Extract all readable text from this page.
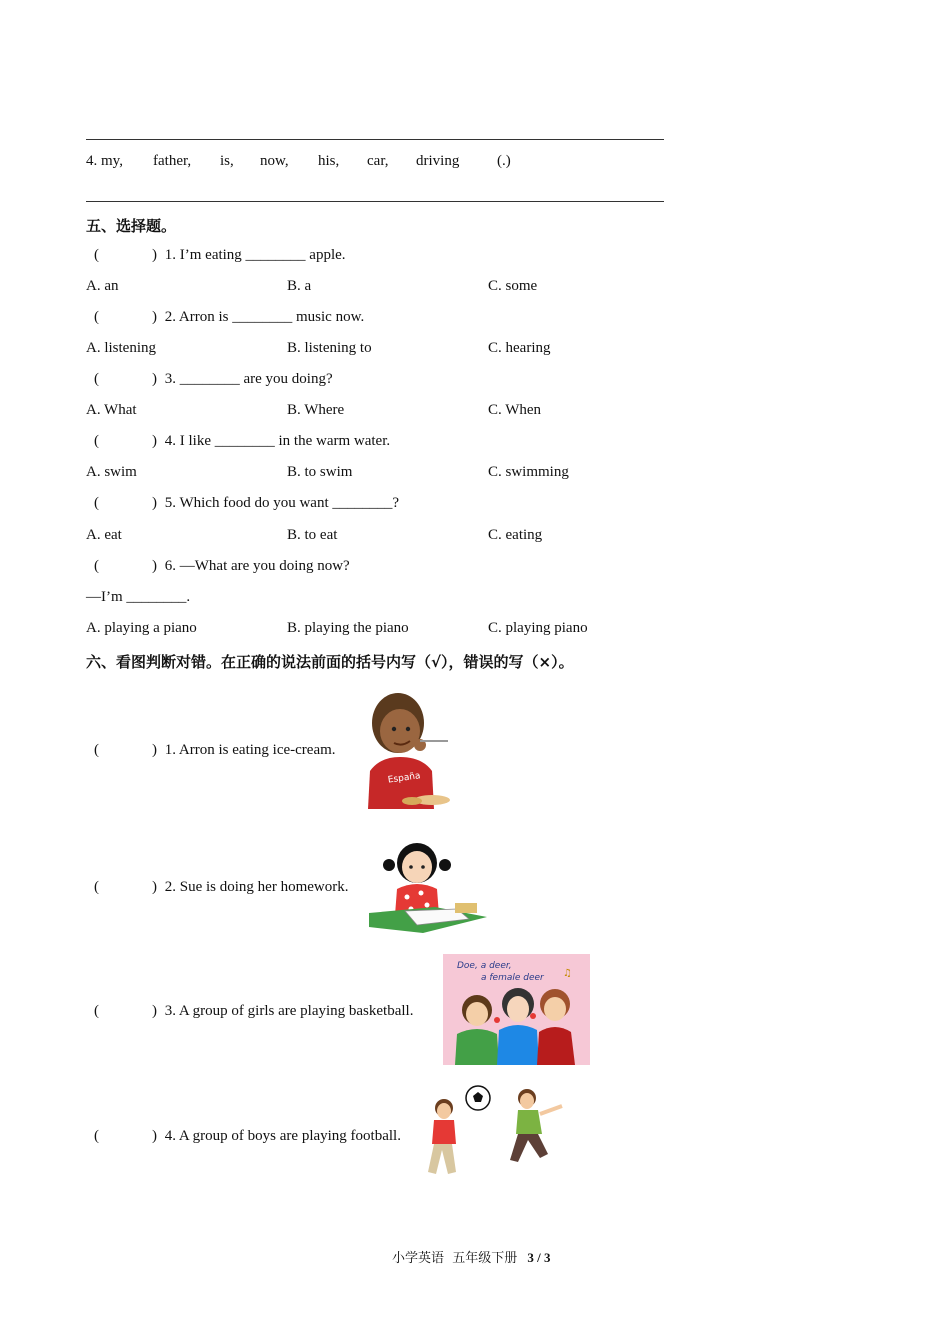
4. my, father, is, now, his, car, driving	(.)
五、选择题。
(	) 1. I’m eating ________ apple.
A. an	B. a	C. some
(	) 2. Arron is ________ music now.
A. listening	B. listening to	C. hearing
(	) 3. ________ are you doing?
A. What	B. Where	C. When
(	) 4. I like ________ in the warm water.
A. swim	B. to swim	C. swimming
(	) 5. Which food do you want ________?
A. eat	B. to eat	C. eating
(	) 6. —What are you doing now?
—I’m ________.
A. playing a piano	B. playing the piano	C. playing piano
六、看图判断对错。在正确的说法前面的括号内写（√），错误的写（×）。
(	) 1. Arron is eating ice-cream.
España
(	) 2. Sue is doing her homework.
(	) 3. A group of girls are playing basketball.
Doe, a deer,
a female deer ♫
(	) 4. A group of boys are playing football.
小学英语  五年级下册 3 / 3
